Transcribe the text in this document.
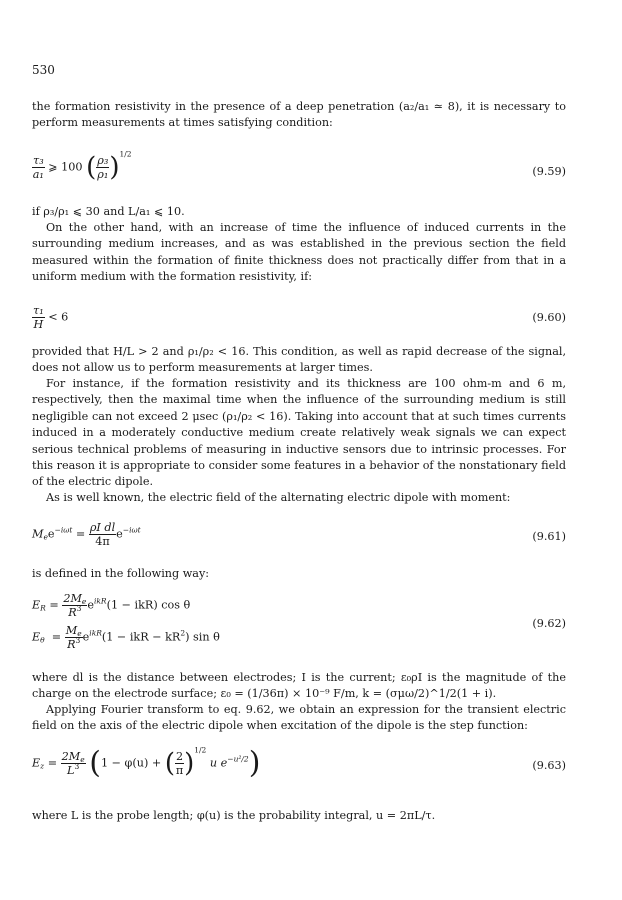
530

the formation resistivity in the presence of a deep penetration (a₂/a₁ ≃ 8), it is necessary to perform measurements at times satisfying condition:

$\frac{\text{τ₃}}{\text{a₁}}$ ⩾ 100 ( $\frac{\text{ρ₃}}{\text{ρ₁}} )^{1/2}$
(9.59)

if ρ₃/ρ₁ ⩽ 30 and L/a₁ ⩽ 10.

On the other hand, with an increase of time the influence of induced currents in the surrounding medium increases, and as was established in the previous section the field measured within the formation of finite thickness does not practically differ from that in a uniform medium with the formation resistivity, if:

$\frac{\text{τ₁}}{H} < 6$	(9.60)

provided that H/L > 2 and ρ₁/ρ₂ < 16. This condition, as well as rapid decrease of the signal, does not allow us to perform measurements at larger times.

For instance, if the formation resistivity and its thickness are 100 ohm-m and 6 m, respectively, then the maximal time when the influence of the surrounding medium is still negligible can not exceed 2 μsec (ρ₁/ρ₂ < 16). Taking into account that at such times currents induced in a moderately conductive medium create relatively weak signals we can expect serious technical problems of measuring in inductive sensors due to intrinsic processes. For this reason it is appropriate to consider some features in a behavior of the nonstationary field of the electric dipole.

As is well known, the electric field of the alternating electric dipole with moment:

$M_ee^{-i\omega t} = \frac{\text{ρI dl}}{4\pi} e^{-i\omega t}$	(9.61)

is defined in the following way:

$E_R = \frac{2M_e}{R^3} e^{ikR}(1 - ikR)$ cos θ
$E_\theta = \frac{M_e}{R^3} e^{ikR}(1$ − ikR − $kR^2$) sin θ
(9.62)

where dl is the distance between electrodes; I is the current; ε₀ρI is the magnitude of the charge on the electrode surface; ε₀ = (1/36π) × 10⁻⁹ F/m, k = (σμω/2)^1/2(1 + i).

Applying Fourier transform to eq. 9.62, we obtain an expression for the transient electric field on the axis of the electric dipole when excitation of the dipole is the step function:

$E_z = \frac{2M_e}{L^3} (1 - \varphi(u)$ + ( $\frac{2}{\pi} )^{1/2}$ u $e^{-u^2/2}$)	(9.63)

where L is the probe length; φ(u) is the probability integral, u = 2πL/τ.
